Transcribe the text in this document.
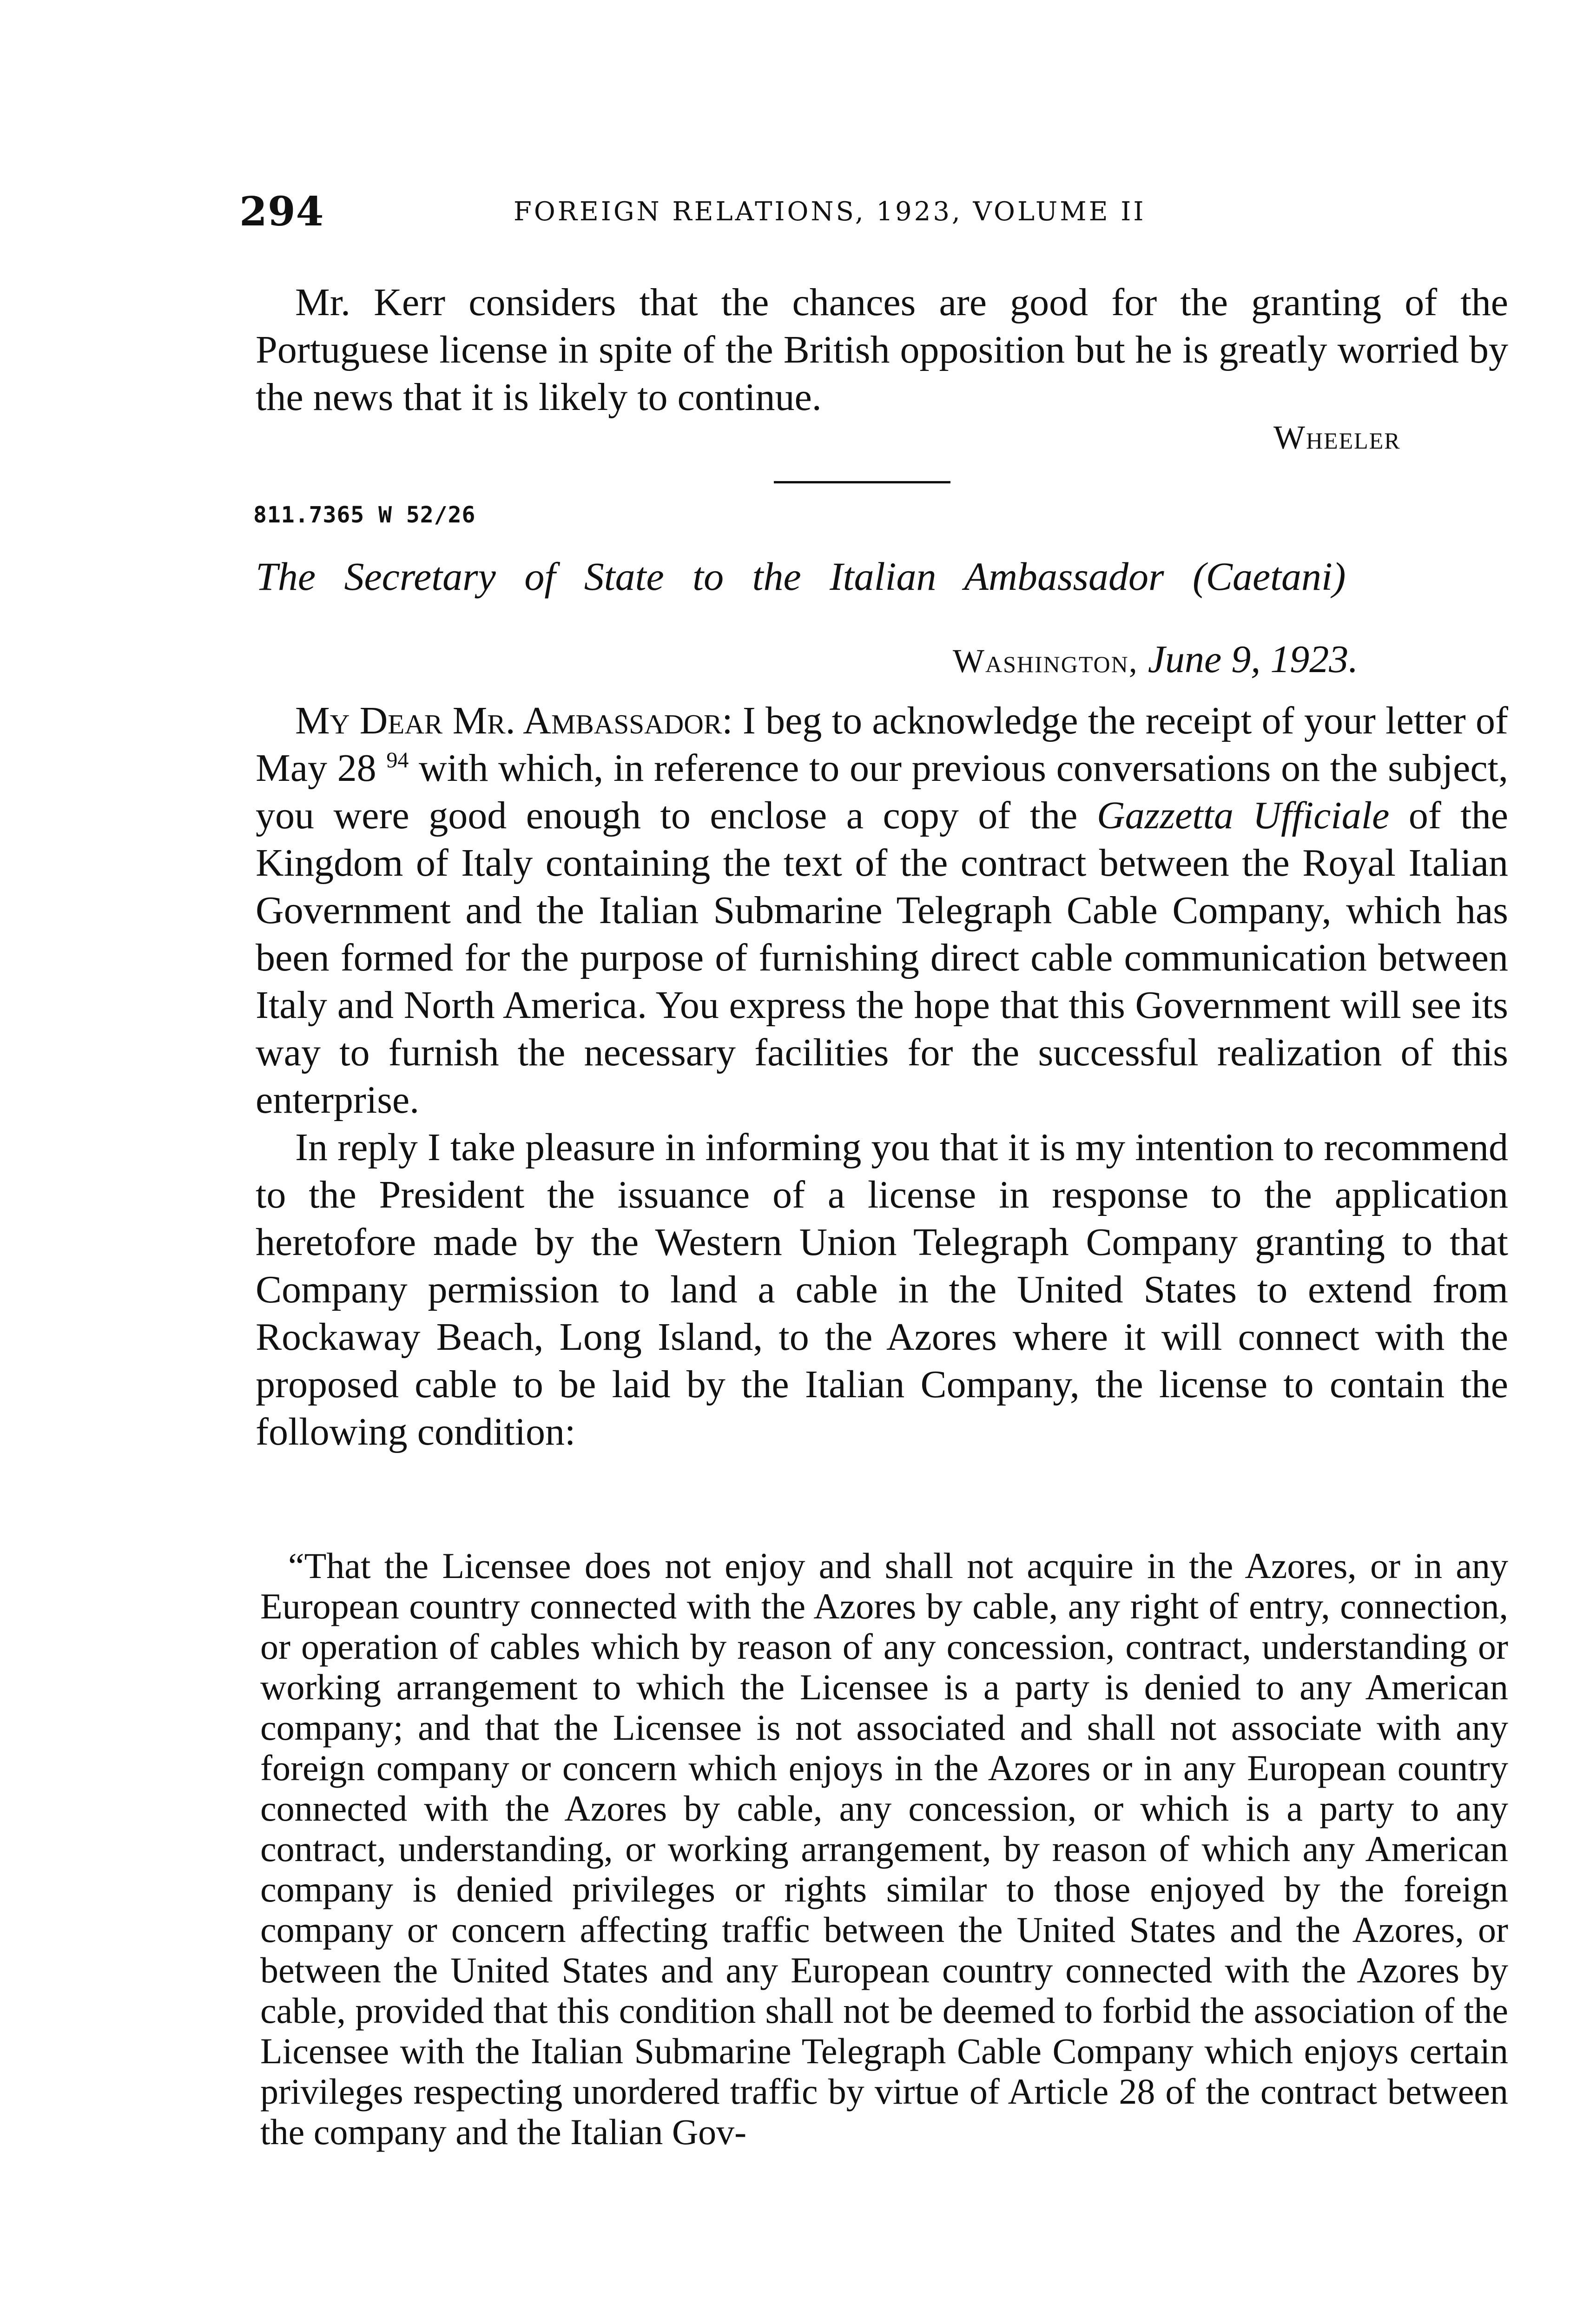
294	FOREIGN RELATIONS, 1923, VOLUME II

Mr. Kerr considers that the chances are good for the granting of the Portuguese license in spite of the British opposition but he is greatly worried by the news that it is likely to continue.

Wheeler
811.7365 W 52/26
The Secretary of State to the Italian Ambassador (Caetani)
Washington, June 9, 1923.

My Dear Mr. Ambassador: I beg to acknowledge the receipt of your letter of May 28 $^{94}$ with which, in reference to our previous conversations on the subject, you were good enough to enclose a copy of the Gazzetta Ufficiale of the Kingdom of Italy containing the text of the contract between the Royal Italian Government and the Italian Submarine Telegraph Cable Company, which has been formed for the purpose of furnishing direct cable communication between Italy and North America. You express the hope that this Government will see its way to furnish the necessary facilities for the successful realization of this enterprise.

In reply I take pleasure in informing you that it is my intention to recommend to the President the issuance of a license in response to the application heretofore made by the Western Union Telegraph Company granting to that Company permission to land a cable in the United States to extend from Rockaway Beach, Long Island, to the Azores where it will connect with the proposed cable to be laid by the Italian Company, the license to contain the following condition:

“That the Licensee does not enjoy and shall not acquire in the Azores, or in any European country connected with the Azores by cable, any right of entry, connection, or operation of cables which by reason of any concession, contract, understanding or working arrangement to which the Licensee is a party is denied to any American company; and that the Licensee is not associated and shall not associate with any foreign company or concern which enjoys in the Azores or in any European country connected with the Azores by cable, any concession, or which is a party to any contract, understanding, or working arrangement, by reason of which any American company is denied privileges or rights similar to those enjoyed by the foreign company or concern affecting traffic between the United States and the Azores, or between the United States and any European country connected with the Azores by cable, provided that this condition shall not be deemed to forbid the association of the Licensee with the Italian Submarine Telegraph Cable Company which enjoys certain privileges respecting unordered traffic by virtue of Article 28 of the contract between the company and the Italian Gov-
